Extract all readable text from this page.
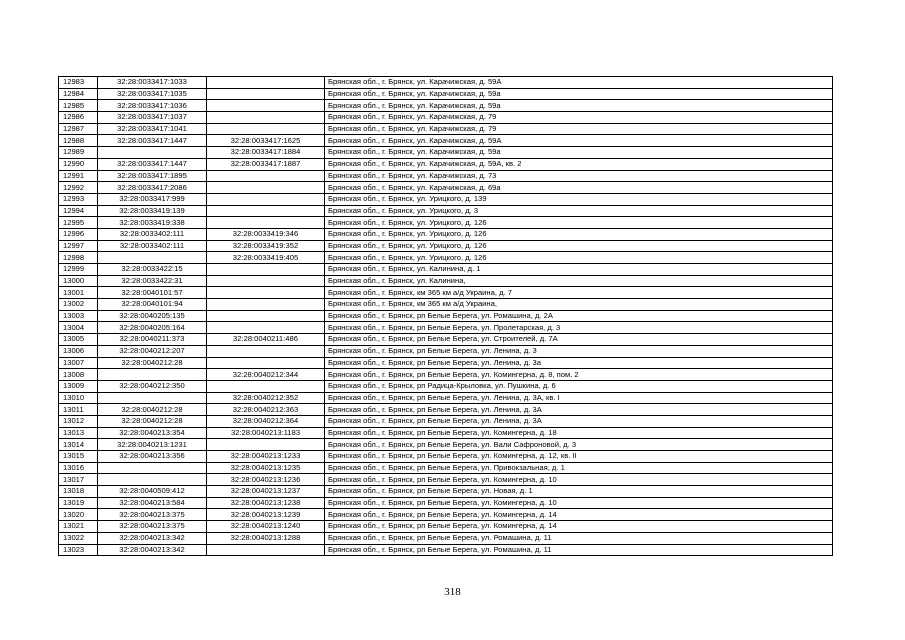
12983	32:28:0033417:1033		Брянская обл., г. Брянск, ул. Карачижская, д. 59А
12984	32:28:0033417:1035		Брянская обл., г. Брянск, ул. Карачижская, д. 59а
12985	32:28:0033417:1036		Брянская обл., г. Брянск, ул. Карачижская, д. 59а
12986	32:28:0033417:1037		Брянская обл., г. Брянск, ул. Карачижская, д. 79
12987	32:28:0033417:1041		Брянская обл., г. Брянск, ул. Карачижская, д. 79
12988	32:28:0033417:1447	32:28:0033417:1625	Брянская обл., г. Брянск, ул. Карачижская, д. 59А
12989		32:28:0033417:1884	Брянская обл., г. Брянск, ул. Карачижская, д. 59а
12990	32:28:0033417:1447	32:28:0033417:1887	Брянская обл., г. Брянск, ул. Карачижская, д. 59А, кв. 2
12991	32:28:0033417:1895		Брянская обл., г. Брянск, ул. Карачижская, д. 73
12992	32:28:0033417:2086		Брянская обл., г. Брянск, ул. Карачижская, д. 69а
12993	32:28:0033417:999		Брянская обл., г. Брянск, ул. Урицкого, д. 139
12994	32:28:0033419:139		Брянская обл., г. Брянск, ул. Урицкого, д. 3
12995	32:28:0033419:338		Брянская обл., г. Брянск, ул. Урицкого, д. 126
12996	32:28:0033402:111	32:28:0033419:346	Брянская обл., г. Брянск, ул. Урицкого, д. 126
12997	32:28:0033402:111	32:28:0033419:352	Брянская обл., г. Брянск, ул. Урицкого, д. 126
12998		32:28:0033419:405	Брянская обл., г. Брянск, ул. Урицкого, д. 126
12999	32:28:0033422:15		Брянская обл., г. Брянск, ул. Калинина, д. 1
13000	32:28:0033422:31		Брянская обл., г. Брянск, ул. Калинина,
13001	32:28:0040101:57		Брянская обл., г. Брянск, км 365 км а/д Украина, д. 7
13002	32:28:0040101:94		Брянская обл., г. Брянск, км 365 км а/д Украина,
13003	32:28:0040205:135		Брянская обл., г. Брянск, рп Белые Берега, ул. Ромашина, д. 2А
13004	32:28:0040205:164		Брянская обл., г. Брянск, рп Белые Берега, ул. Пролетарская, д. 3
13005	32:28:0040211:373	32:28:0040211:486	Брянская обл., г. Брянск, рп Белые Берега, ул. Строителей, д. 7А
13006	32:28:0040212:207		Брянская обл., г. Брянск, рп Белые Берега, ул. Ленина, д. 3
13007	32:28:0040212:28		Брянская обл., г. Брянск, рп Белые Берега, ул. Ленина, д. 3а
13008		32:28:0040212:344	Брянская обл., г. Брянск, рп Белые Берега, ул. Комингерна, д. 8, пом. 2
13009	32:28:0040212:350		Брянская обл., г. Брянск, рп Радица-Крыловка, ул. Пушкина, д. 6
13010		32:28:0040212:352	Брянская обл., г. Брянск, рп Белые Берега, ул. Ленина, д. 3А, кв. I
13011	32:28:0040212:28	32:28:0040212:363	Брянская обл., г. Брянск, рп Белые Берега, ул. Ленина, д. 3А
13012	32:28:0040212:28	32:28:0040212:364	Брянская обл., г. Брянск, рп Белые Берега, ул. Ленина, д. 3А
13013	32:28:0040213:354	32:28:0040213:1183	Брянская обл., г. Брянск, рп Белые Берега, ул. Комингерна, д. 18
13014	32:28:0040213:1231		Брянская обл., г. Брянск, рп Белые Берега, ул. Вали Сафроновой, д. 3
13015	32:28:0040213:356	32:28:0040213:1233	Брянская обл., г. Брянск, рп Белые Берега, ул. Комингерна, д. 12, кв. II
13016		32:28:0040213:1235	Брянская обл., г. Брянск, рп Белые Берега, ул. Привокзальная, д. 1
13017		32:28:0040213:1236	Брянская обл., г. Брянск, рп Белые Берега, ул. Комингерна, д. 10
13018	32:28:0040509:412	32:28:0040213:1237	Брянская обл., г. Брянск, рп Белые Берега, ул. Новая, д. 1
13019	32:28:0040213:584	32:28:0040213:1238	Брянская обл., г. Брянск, рп Белые Берега, ул. Комингерна, д. 10
13020	32:28:0040213:375	32:28:0040213:1239	Брянская обл., г. Брянск, рп Белые Берега, ул. Комингерна, д. 14
13021	32:28:0040213:375	32:28:0040213:1240	Брянская обл., г. Брянск, рп Белые Берега, ул. Комингерна, д. 14
13022	32:28:0040213:342	32:28:0040213:1288	Брянская обл., г. Брянск, рп Белые Берега, ул. Ромашина, д. 11
13023	32:28:0040213:342		Брянская обл., г. Брянск, рп Белые Берега, ул. Ромашина, д. 11
318
